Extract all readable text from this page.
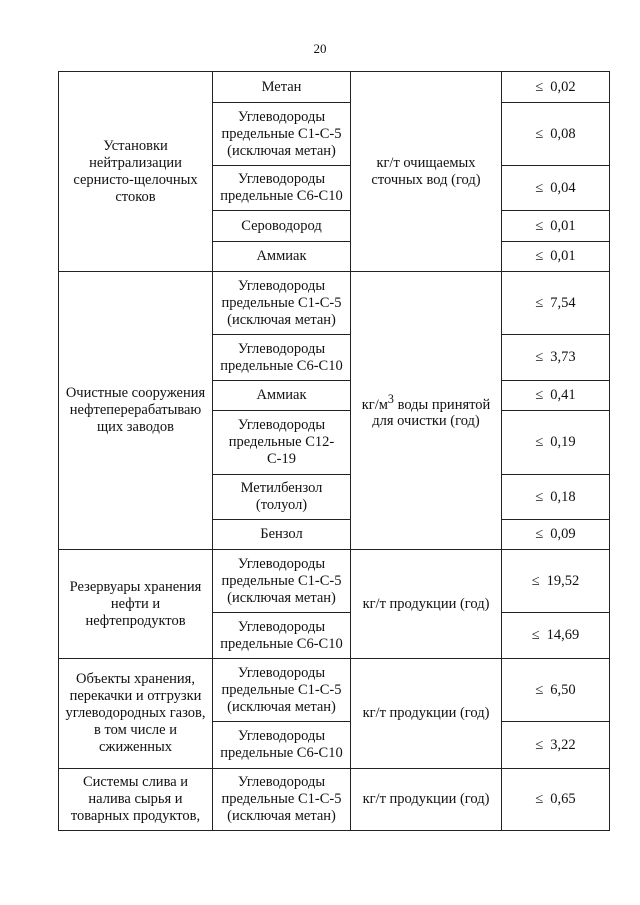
20
Установки нейтрализации сернисто-щелочных стоков	Метан	кг/т очищаемых сточных вод (год)	≤ 0,02
	Углеводороды предельные С1-С-5 (исключая метан)		≤ 0,08
	Углеводороды предельные С6-С10		≤ 0,04
	Сероводород		≤ 0,01
	Аммиак		≤ 0,01
Очистные сооружения нефтеперерабатываю щих заводов	Углеводороды предельные С1-С-5 (исключая метан)	$кг/м^3$ воды принятой для очистки (год)	≤ 7,54
	Углеводороды предельные С6-С10		≤ 3,73
	Аммиак		≤ 0,41
	Углеводороды предельные С12-С-19		≤ 0,19
	Метилбензол (толуол)		≤ 0,18
	Бензол		≤ 0,09
Резервуары хранения нефти и нефтепродуктов	Углеводороды предельные С1-С-5 (исключая метан)	кг/т продукции (год)	≤ 19,52
	Углеводороды предельные С6-С10		≤ 14,69
Объекты хранения, перекачки и отгрузки углеводородных газов, в том числе и сжиженных	Углеводороды предельные С1-С-5 (исключая метан)	кг/т продукции (год)	≤ 6,50
	Углеводороды предельные С6-С10		≤ 3,22
Системы слива и налива сырья и товарных продуктов,	Углеводороды предельные С1-С-5 (исключая метан)	кг/т продукции (год)	≤ 0,65
